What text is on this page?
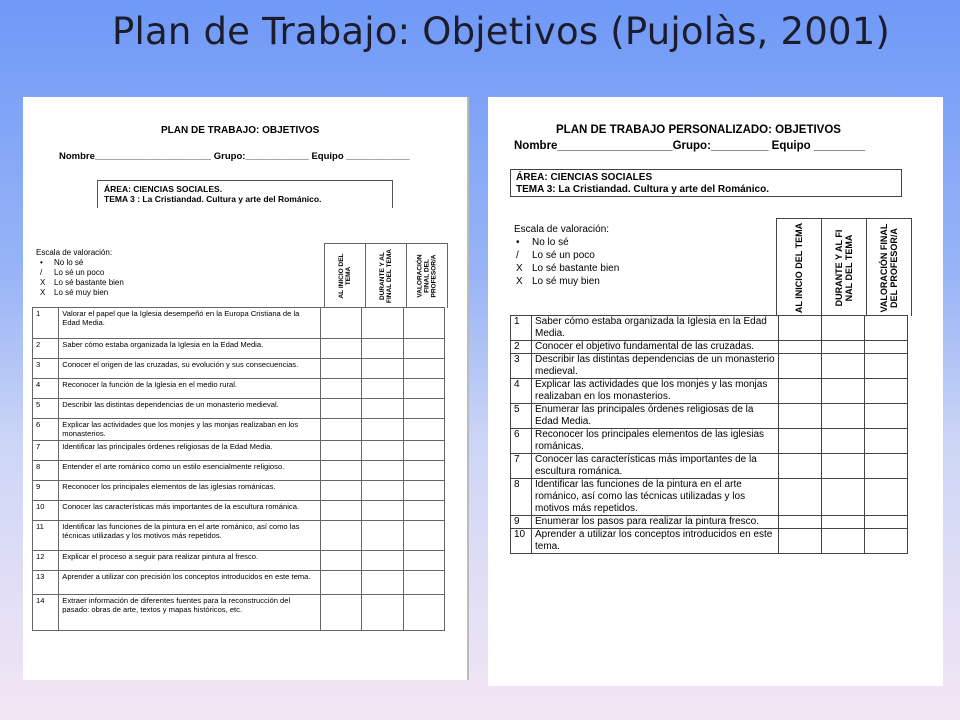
Plan de Trabajo: Objetivos (Pujolàs, 2001)
PLAN DE TRABAJO: OBJETIVOS
Nombre______________________ Grupo:____________ Equipo ____________
ÁREA: CIENCIAS SOCIALES.
TEMA 3 : La Cristiandad. Cultura y arte del Románico.
Escala de valoración:
• No lo sé
/ Lo sé un poco
X Lo sé bastante bien
X Lo sé muy bien	AL INICIO DEL TEMA	DURANTE Y AL FINAL DEL TEMA	VALORACIÓN FINAL DEL PROFESOR/A
1	Valorar el papel que la Iglesia desempeñó en la Europa Cristiana de la Edad Media.			
2	Saber cómo estaba organizada la Iglesia en la Edad Media.			
3	Conocer el origen de las cruzadas, su evolución y sus consecuencias.			
4	Reconocer la función de la Iglesia en el medio rural.			
5	Describir las distintas dependencias de un monasterio medieval.			
6	Explicar las actividades que los monjes y las monjas realizaban en los monasterios.			
7	Identificar las principales órdenes religiosas de la Edad Media.			
8	Entender el arte románico como un estilo esencialmente religioso.			
9	Reconocer los principales elementos de las iglesias románicas.			
10	Conocer las características más importantes de la escultura románica.			
11	Identificar las funciones de la pintura en el arte románico, así como las técnicas utilizadas y los motivos más repetidos.			
12	Explicar el proceso a seguir para realizar pintura al fresco.			
13	Aprender a utilizar con precisión los conceptos introducidos en este tema.			
14	Extraer información de diferentes fuentes para la reconstrucción del pasado: obras de arte, textos y mapas históricos, etc.			
PLAN DE TRABAJO PERSONALIZADO: OBJETIVOS
Nombre__________________Grupo:_________ Equipo ________
ÁREA: CIENCIAS SOCIALES
TEMA 3: La Cristiandad. Cultura y arte del Románico.
Escala de valoración:
• No lo sé
/ Lo sé un poco
X Lo sé bastante bien
X Lo sé muy bien	AL INICIO DEL TEMA	DURANTE Y AL FI NAL DEL TEMA	VALORACIÓN FINAL DEL PROFESOR/A
1	Saber cómo estaba organizada la Iglesia en la Edad Media.			
2	Conocer el objetivo fundamental de las cruzadas.			
3	Describir las distintas dependencias de un monasterio medieval.			
4	Explicar las actividades que los monjes y las monjas realizaban en los monasterios.			
5	Enumerar las principales órdenes religiosas de la Edad Media.			
6	Reconocer los principales elementos de las iglesias románicas.			
7	Conocer las características más importantes de la escultura románica.			
8	Identificar las funciones de la pintura en el arte románico, así como las técnicas utilizadas y los motivos más repetidos.			
9	Enumerar los pasos para realizar la pintura fresco.			
10	Aprender a utilizar los conceptos introducidos en este tema.			
